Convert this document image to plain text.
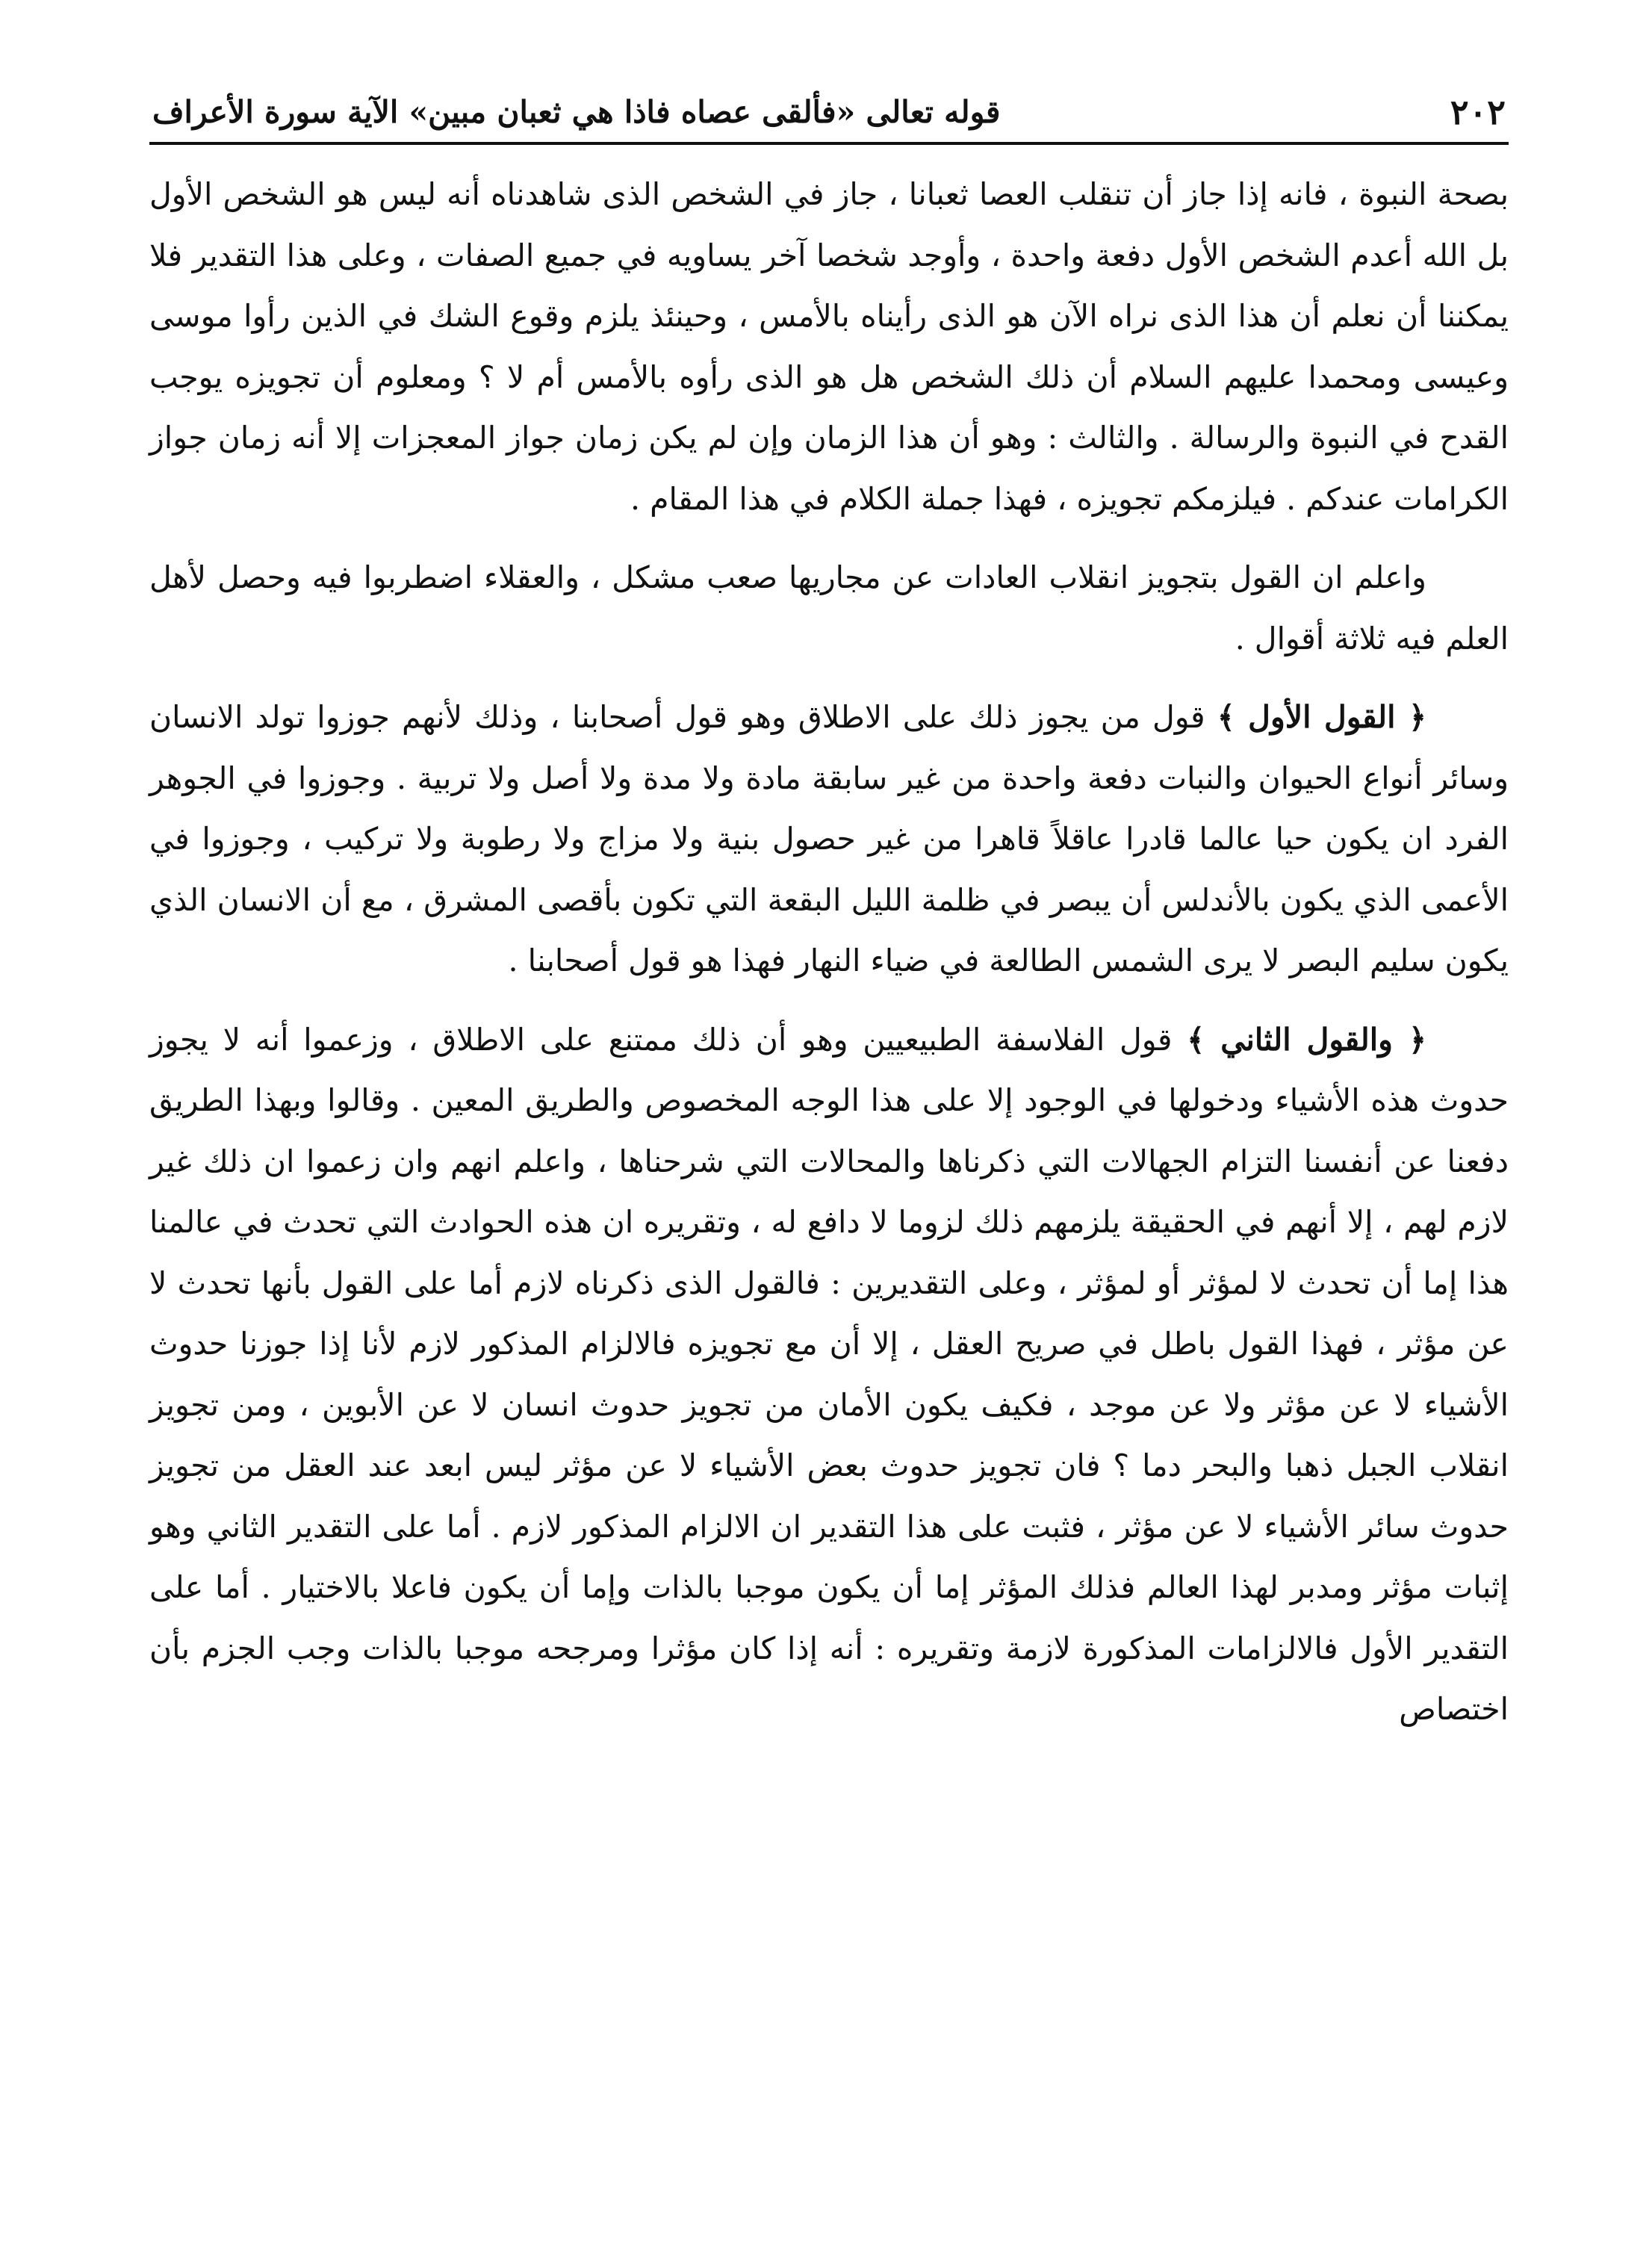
٢٠٢
قوله تعالى «فألقى عصاه فاذا هي ثعبان مبين» الآية سورة الأعراف

بصحة النبوة ، فانه إذا جاز أن تنقلب العصا ثعبانا ، جاز في الشخص الذى شاهدناه أنه ليس هو الشخص الأول بل الله أعدم الشخص الأول دفعة واحدة ، وأوجد شخصا آخر يساويه في جميع الصفات ، وعلى هذا التقدير فلا يمكننا أن نعلم أن هذا الذى نراه الآن هو الذى رأيناه بالأمس ، وحينئذ يلزم وقوع الشك في الذين رأوا موسى وعيسى ومحمدا عليهم السلام أن ذلك الشخص هل هو الذى رأوه بالأمس أم لا ؟ ومعلوم أن تجويزه يوجب القدح في النبوة والرسالة . والثالث : وهو أن هذا الزمان وإن لم يكن زمان جواز المعجزات إلا أنه زمان جواز الكرامات عندكم . فيلزمكم تجويزه ، فهذا جملة الكلام في هذا المقام .

واعلم ان القول بتجويز انقلاب العادات عن مجاريها صعب مشكل ، والعقلاء اضطربوا فيه وحصل لأهل العلم فيه ثلاثة أقوال .

﴿ القول الأول ﴾ قول من يجوز ذلك على الاطلاق وهو قول أصحابنا ، وذلك لأنهم جوزوا تولد الانسان وسائر أنواع الحيوان والنبات دفعة واحدة من غير سابقة مادة ولا مدة ولا أصل ولا تربية . وجوزوا في الجوهر الفرد ان يكون حيا عالما قادرا عاقلاً قاهرا من غير حصول بنية ولا مزاج ولا رطوبة ولا تركيب ، وجوزوا في الأعمى الذي يكون بالأندلس أن يبصر في ظلمة الليل البقعة التي تكون بأقصى المشرق ، مع أن الانسان الذي يكون سليم البصر لا يرى الشمس الطالعة في ضياء النهار فهذا هو قول أصحابنا .

﴿ والقول الثاني ﴾ قول الفلاسفة الطبيعيين وهو أن ذلك ممتنع على الاطلاق ، وزعموا أنه لا يجوز حدوث هذه الأشياء ودخولها في الوجود إلا على هذا الوجه المخصوص والطريق المعين . وقالوا وبهذا الطريق دفعنا عن أنفسنا التزام الجهالات التي ذكرناها والمحالات التي شرحناها ، واعلم انهم وان زعموا ان ذلك غير لازم لهم ، إلا أنهم في الحقيقة يلزمهم ذلك لزوما لا دافع له ، وتقريره ان هذه الحوادث التي تحدث في عالمنا هذا إما أن تحدث لا لمؤثر أو لمؤثر ، وعلى التقديرين : فالقول الذى ذكرناه لازم أما على القول بأنها تحدث لا عن مؤثر ، فهذا القول باطل في صريح العقل ، إلا أن مع تجويزه فالالزام المذكور لازم لأنا إذا جوزنا حدوث الأشياء لا عن مؤثر ولا عن موجد ، فكيف يكون الأمان من تجويز حدوث انسان لا عن الأبوين ، ومن تجويز انقلاب الجبل ذهبا والبحر دما ؟ فان تجويز حدوث بعض الأشياء لا عن مؤثر ليس ابعد عند العقل من تجويز حدوث سائر الأشياء لا عن مؤثر ، فثبت على هذا التقدير ان الالزام المذكور لازم . أما على التقدير الثاني وهو إثبات مؤثر ومدبر لهذا العالم فذلك المؤثر إما أن يكون موجبا بالذات وإما أن يكون فاعلا بالاختيار . أما على التقدير الأول فالالزامات المذكورة لازمة وتقريره : أنه إذا كان مؤثرا ومرجحه موجبا بالذات وجب الجزم بأن اختصاص
